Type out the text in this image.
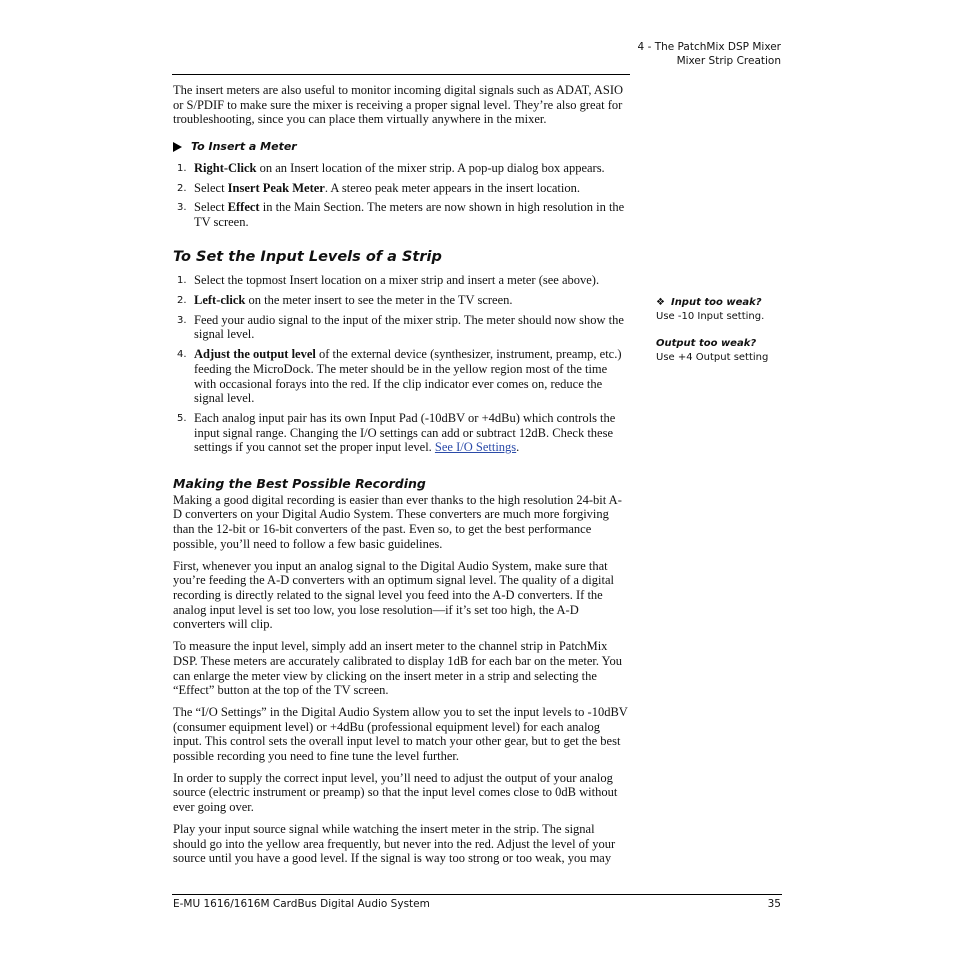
4 - The PatchMix DSP Mixer
Mixer Strip Creation

The insert meters are also useful to monitor incoming digital signals such as ADAT, ASIO or S/PDIF to make sure the mixer is receiving a proper signal level. They’re also great for troubleshooting, since you can place them virtually anywhere in the mixer.

To Insert a Meter
1. Right-Click on an Insert location of the mixer strip. A pop-up dialog box appears.
2. Select Insert Peak Meter. A stereo peak meter appears in the insert location.
3. Select Effect in the Main Section. The meters are now shown in high resolution in the TV screen.
To Set the Input Levels of a Strip
1. Select the topmost Insert location on a mixer strip and insert a meter (see above).
2. Left-click on the meter insert to see the meter in the TV screen.
3. Feed your audio signal to the input of the mixer strip. The meter should now show the signal level.
4. Adjust the output level of the external device (synthesizer, instrument, preamp, etc.) feeding the MicroDock. The meter should be in the yellow region most of the time with occasional forays into the red. If the clip indicator ever comes on, reduce the signal level.
5. Each analog input pair has its own Input Pad (-10dBV or +4dBu) which controls the input signal range. Changing the I/O settings can add or subtract 12dB. Check these settings if you cannot set the proper input level. See I/O Settings.
Making the Best Possible Recording

Making a good digital recording is easier than ever thanks to the high resolution 24-bit A-D converters on your Digital Audio System. These converters are much more forgiving than the 12-bit or 16-bit converters of the past. Even so, to get the best performance possible, you’ll need to follow a few basic guidelines.

First, whenever you input an analog signal to the Digital Audio System, make sure that you’re feeding the A-D converters with an optimum signal level. The quality of a digital recording is directly related to the signal level you feed into the A-D converters. If the analog input level is set too low, you lose resolution—if it’s set too high, the A-D converters will clip.

To measure the input level, simply add an insert meter to the channel strip in PatchMix DSP. These meters are accurately calibrated to display 1dB for each bar on the meter. You can enlarge the meter view by clicking on the insert meter in a strip and selecting the “Effect” button at the top of the TV screen.

The “I/O Settings” in the Digital Audio System allow you to set the input levels to -10dBV (consumer equipment level) or +4dBu (professional equipment level) for each analog input. This control sets the overall input level to match your other gear, but to get the best possible recording you need to fine tune the level further.

In order to supply the correct input level, you’ll need to adjust the output of your analog source (electric instrument or preamp) so that the input level comes close to 0dB without ever going over.

Play your input source signal while watching the insert meter in the strip. The signal should go into the yellow area frequently, but never into the red. Adjust the level of your source until you have a good level. If the signal is way too strong or too weak, you may

❖ Input too weak?
Use -10 Input setting.
Output too weak?
Use +4 Output setting
E-MU 1616/1616M CardBus Digital Audio System	35
